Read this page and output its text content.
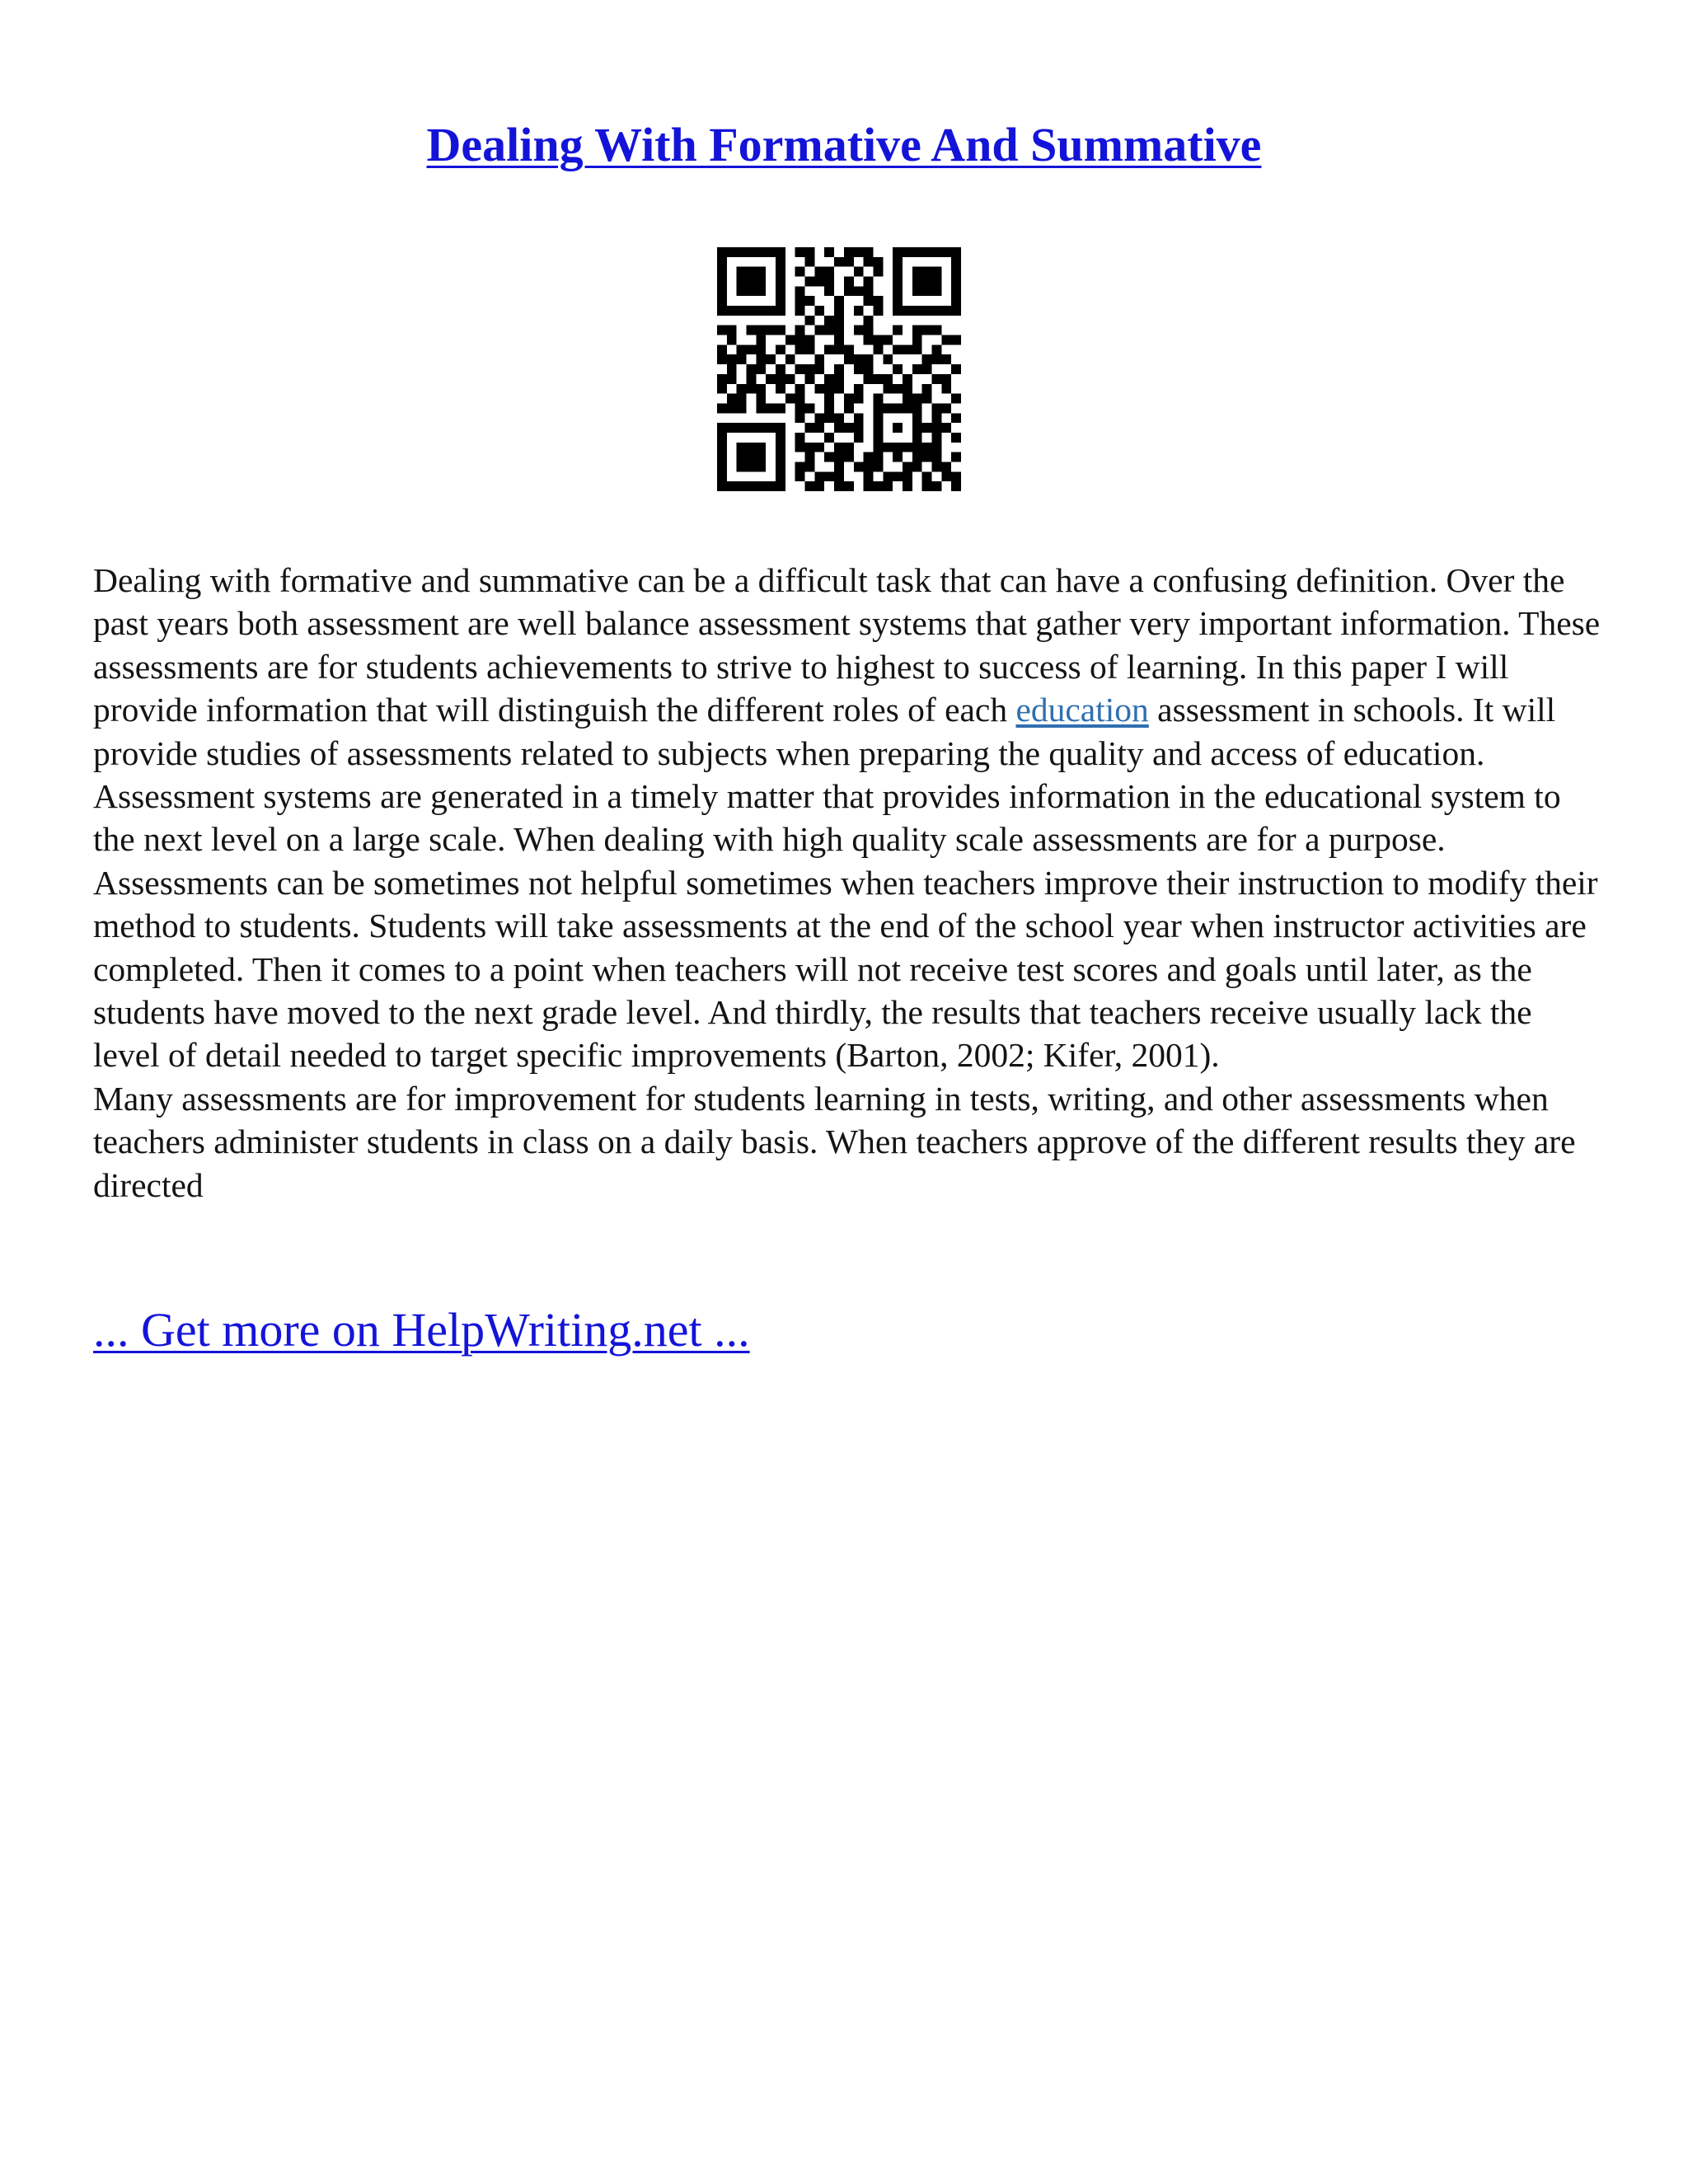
Dealing With Formative And Summative

Dealing with formative and summative can be a difficult task that can have a confusing definition. Over the past years both assessment are well balance assessment systems that gather very important information. These assessments are for students achievements to strive to highest to success of learning. In this paper I will provide information that will distinguish the different roles of each education assessment in schools. It will provide studies of assessments related to subjects when preparing the quality and access of education. Assessment systems are generated in a timely matter that provides information in the educational system to the next level on a large scale. When dealing with high quality scale assessments are for a purpose. Assessments can be sometimes not helpful sometimes when teachers improve their instruction to modify their method to students. Students will take assessments at the end of the school year when instructor activities are completed. Then it comes to a point when teachers will not receive test scores and goals until later, as the students have moved to the next grade level. And thirdly, the results that teachers receive usually lack the level of detail needed to target specific improvements (Barton, 2002; Kifer, 2001).

Many assessments are for improvement for students learning in tests, writing, and other assessments when teachers administer students in class on a daily basis. When teachers approve of the different results they are directed

... Get more on HelpWriting.net ...
